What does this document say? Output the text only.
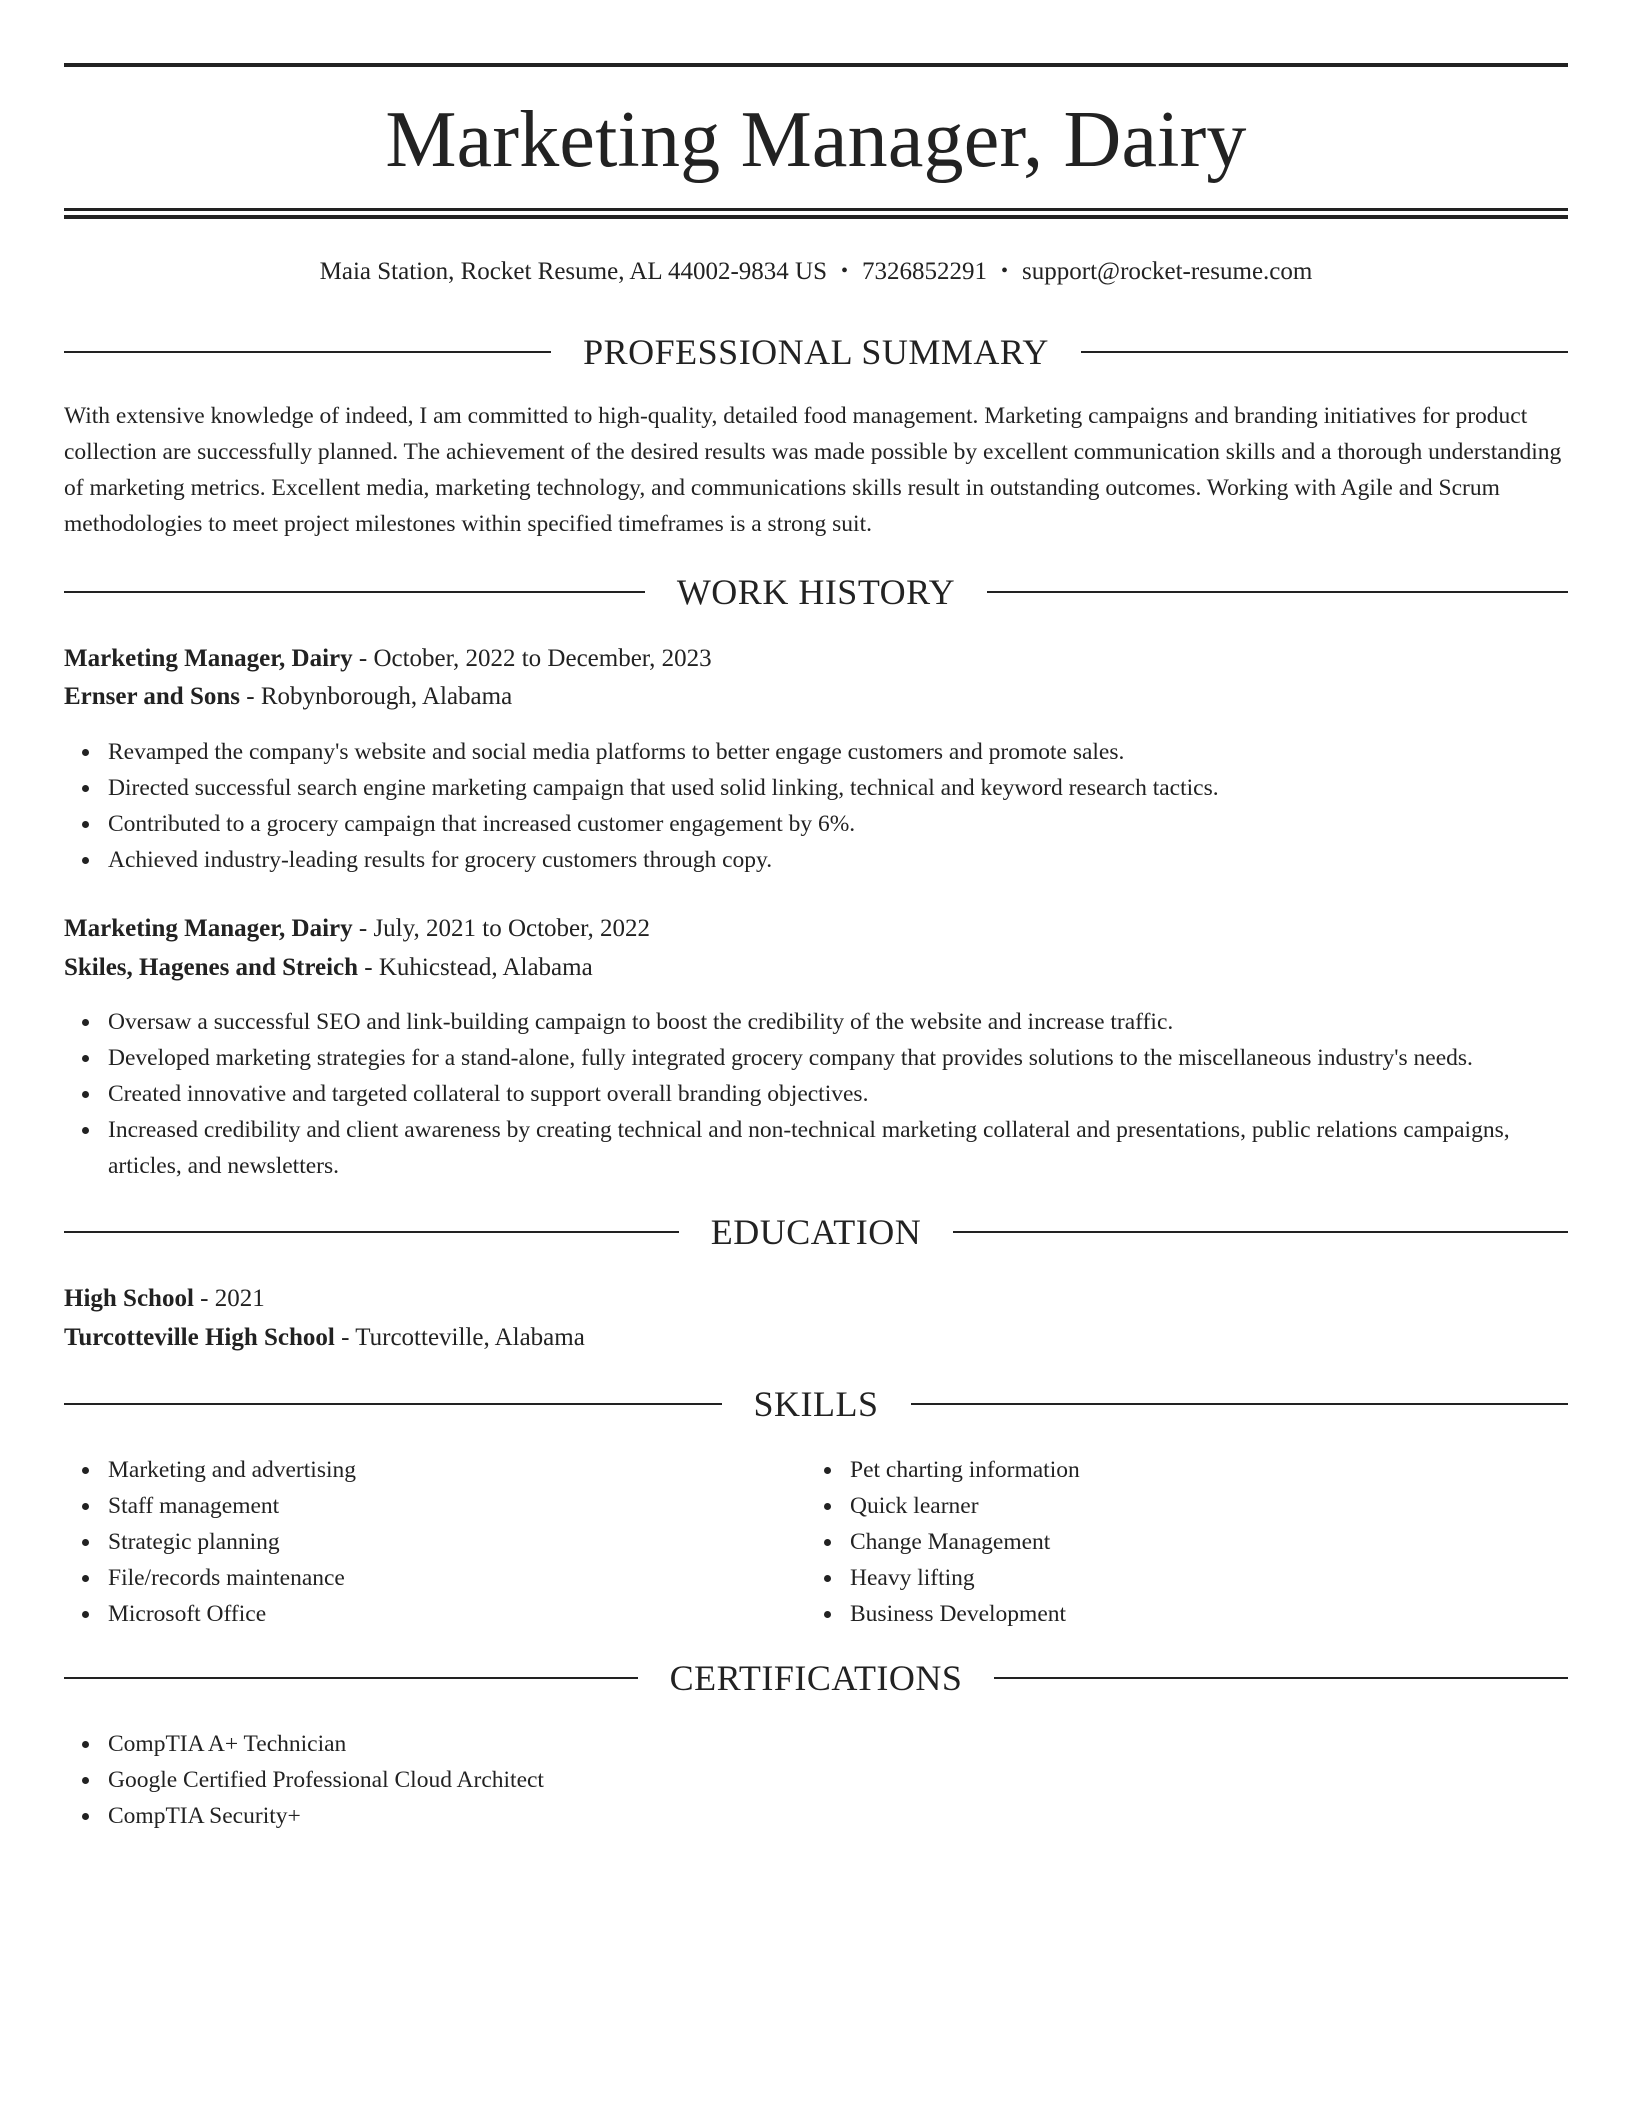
Marketing Manager, Dairy
Maia Station, Rocket Resume, AL 44002-9834 US • 7326852291 • support@rocket-resume.com
PROFESSIONAL SUMMARY

With extensive knowledge of indeed, I am committed to high-quality, detailed food management. Marketing campaigns and branding initiatives for product collection are successfully planned. The achievement of the desired results was made possible by excellent communication skills and a thorough understanding of marketing metrics. Excellent media, marketing technology, and communications skills result in outstanding outcomes. Working with Agile and Scrum methodologies to meet project milestones within specified timeframes is a strong suit.

WORK HISTORY
Marketing Manager, Dairy - October, 2022 to December, 2023
Ernser and Sons - Robynborough, Alabama
Revamped the company's website and social media platforms to better engage customers and promote sales.
Directed successful search engine marketing campaign that used solid linking, technical and keyword research tactics.
Contributed to a grocery campaign that increased customer engagement by 6%.
Achieved industry-leading results for grocery customers through copy.
Marketing Manager, Dairy - July, 2021 to October, 2022
Skiles, Hagenes and Streich - Kuhicstead, Alabama
Oversaw a successful SEO and link-building campaign to boost the credibility of the website and increase traffic.
Developed marketing strategies for a stand-alone, fully integrated grocery company that provides solutions to the miscellaneous industry's needs.
Created innovative and targeted collateral to support overall branding objectives.
Increased credibility and client awareness by creating technical and non-technical marketing collateral and presentations, public relations campaigns, articles, and newsletters.
EDUCATION
High School - 2021
Turcotteville High School - Turcotteville, Alabama
SKILLS
Marketing and advertising
Staff management
Strategic planning
File/records maintenance
Microsoft Office
Pet charting information
Quick learner
Change Management
Heavy lifting
Business Development
CERTIFICATIONS
CompTIA A+ Technician
Google Certified Professional Cloud Architect
CompTIA Security+
